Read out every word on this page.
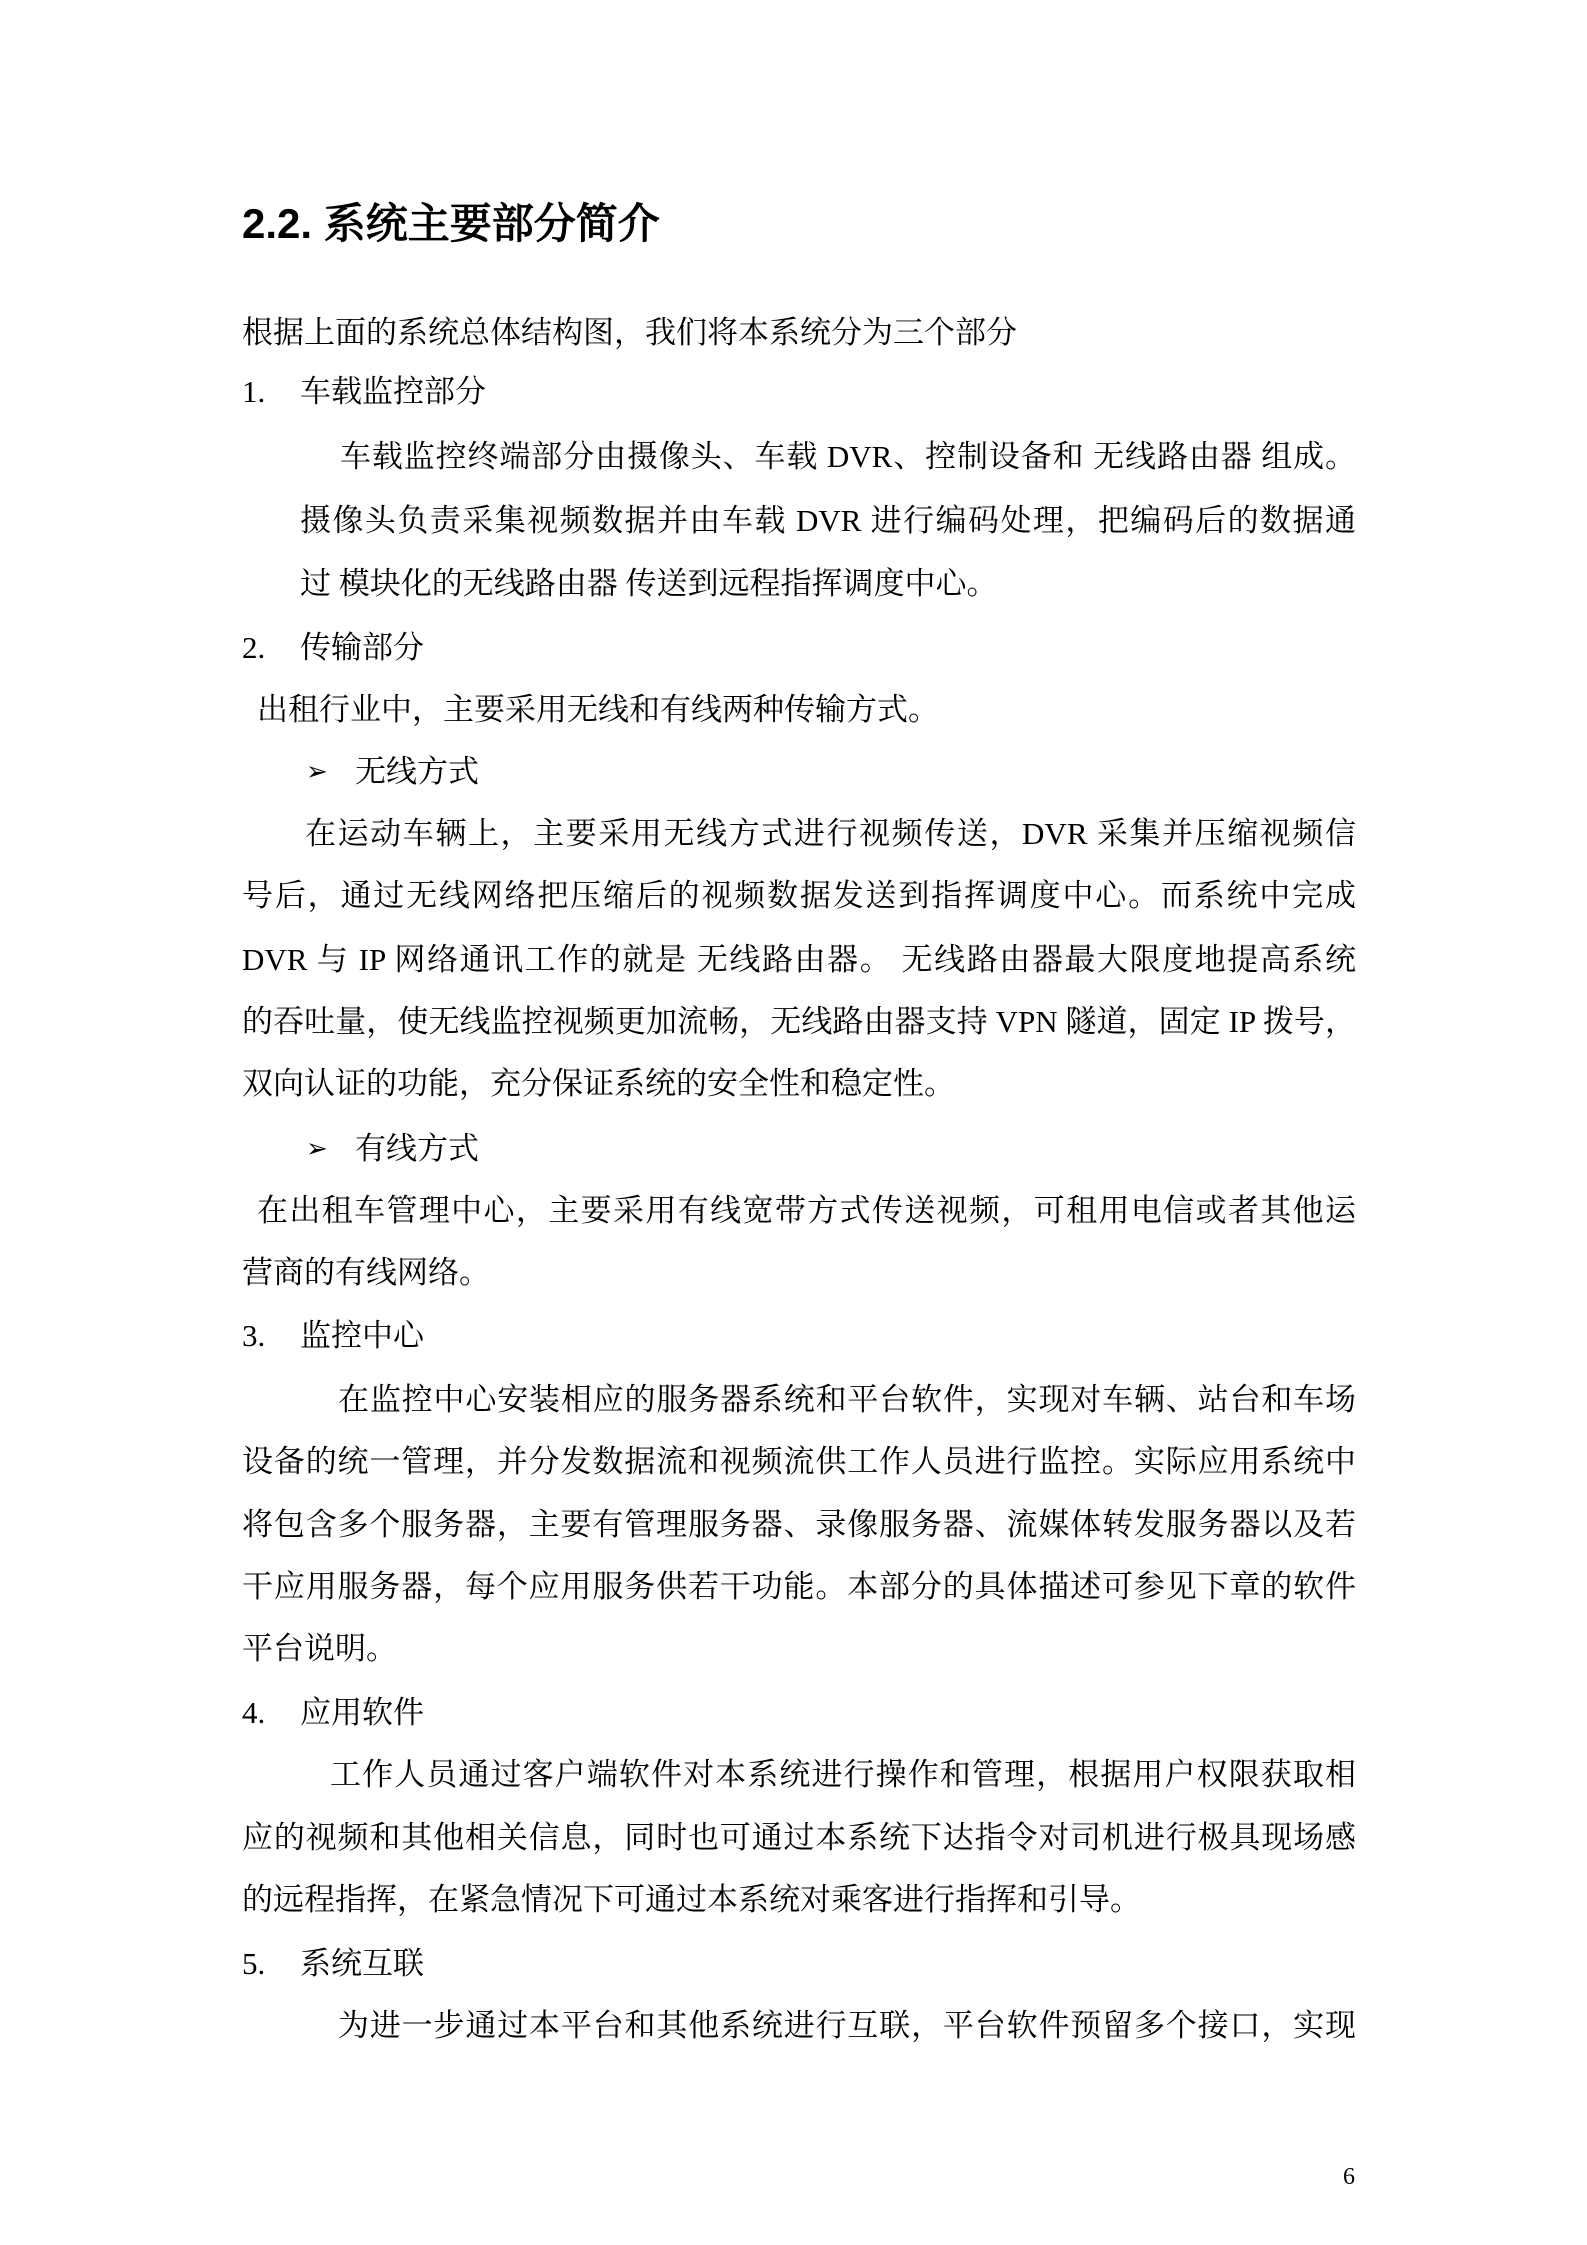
2.2. 系统主要部分简介
根据上面的系统总体结构图，我们将本系统分为三个部分
1. 车载监控部分
车载监控终端部分由摄像头、车载 DVR、控制设备和 无线路由器 组成。
摄像头负责采集视频数据并由车载 DVR 进行编码处理，把编码后的数据通
过 模块化的无线路由器 传送到远程指挥调度中心。
2. 传输部分
出租行业中，主要采用无线和有线两种传输方式。
➢ 无线方式
在运动车辆上，主要采用无线方式进行视频传送，DVR 采集并压缩视频信
号后，通过无线网络把压缩后的视频数据发送到指挥调度中心。而系统中完成
DVR 与 IP 网络通讯工作的就是 无线路由器。 无线路由器最大限度地提高系统
的吞吐量，使无线监控视频更加流畅，无线路由器支持 VPN 隧道，固定 IP 拨号，
双向认证的功能，充分保证系统的安全性和稳定性。
➢ 有线方式
在出租车管理中心，主要采用有线宽带方式传送视频，可租用电信或者其他运
营商的有线网络。
3. 监控中心
在监控中心安装相应的服务器系统和平台软件，实现对车辆、站台和车场
设备的统一管理，并分发数据流和视频流供工作人员进行监控。实际应用系统中
将包含多个服务器，主要有管理服务器、录像服务器、流媒体转发服务器以及若
干应用服务器，每个应用服务供若干功能。本部分的具体描述可参见下章的软件
平台说明。
4. 应用软件
工作人员通过客户端软件对本系统进行操作和管理，根据用户权限获取相
应的视频和其他相关信息，同时也可通过本系统下达指令对司机进行极具现场感
的远程指挥，在紧急情况下可通过本系统对乘客进行指挥和引导。
5. 系统互联
为进一步通过本平台和其他系统进行互联，平台软件预留多个接口，实现
6
